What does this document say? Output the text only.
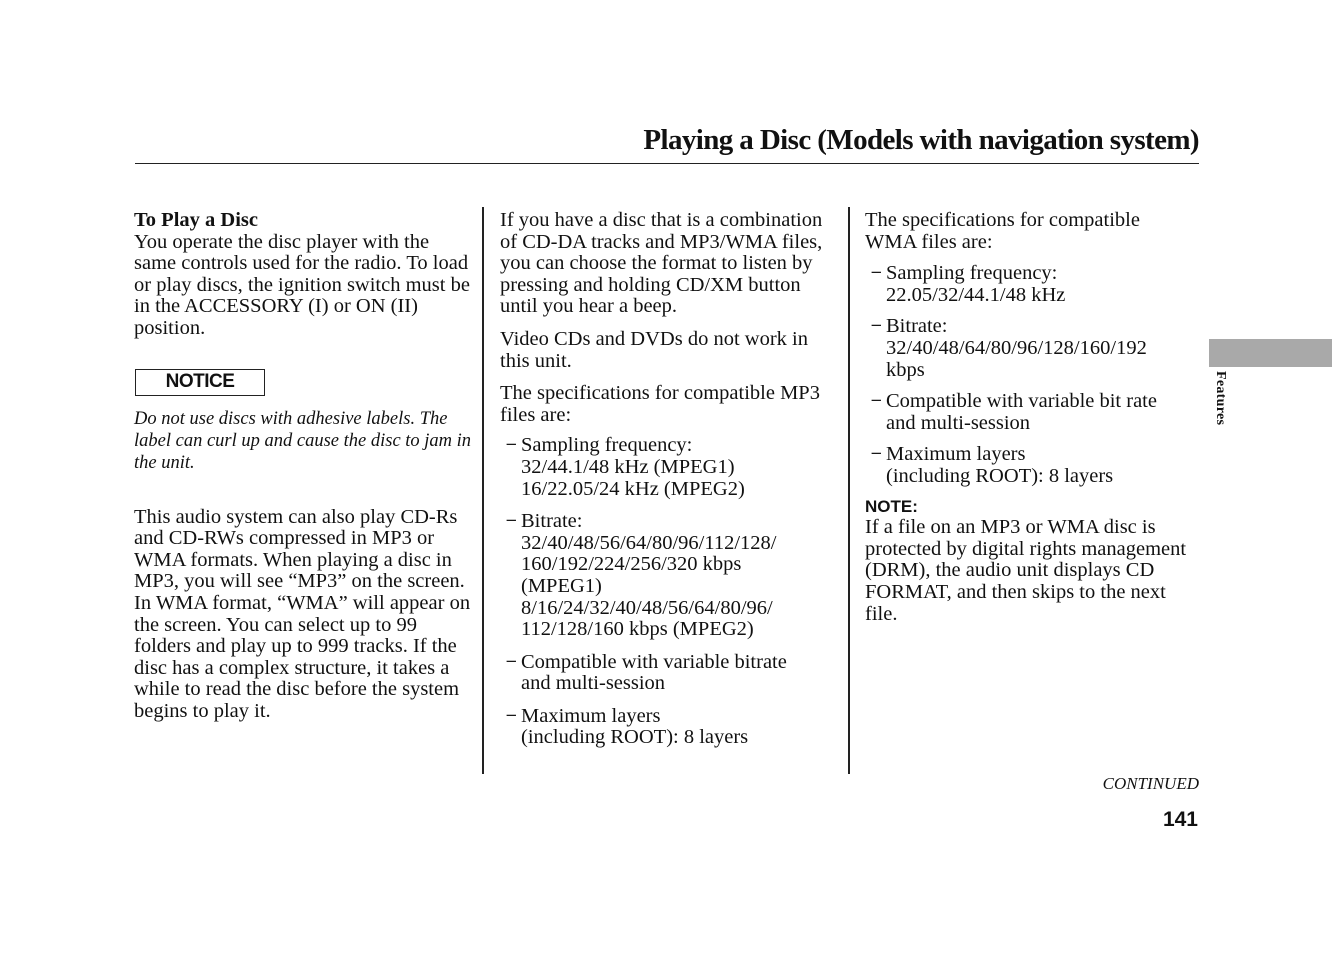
Playing a Disc (Models with navigation system)

To Play a Disc
You operate the disc player with the same controls used for the radio. To load or play discs, the ignition switch must be in the ACCESSORY (I) or ON (II) position.

NOTICE

Do not use discs with adhesive labels. The label can curl up and cause the disc to jam in the unit.

This audio system can also play CD-Rs and CD-RWs compressed in MP3 or WMA formats. When playing a disc in MP3, you will see “MP3” on the screen. In WMA format, “WMA” will appear on the screen. You can select up to 99 folders and play up to 999 tracks. If the disc has a complex structure, it takes a while to read the disc before the system begins to play it.

If you have a disc that is a combination of CD-DA tracks and MP3/WMA files, you can choose the format to listen by pressing and holding CD/XM button until you hear a beep.

Video CDs and DVDs do not work in this unit.

The specifications for compatible MP3 files are:

− Sampling frequency:
32/44.1/48 kHz (MPEG1)
16/22.05/24 kHz (MPEG2)
− Bitrate:
32/40/48/56/64/80/96/112/128/
160/192/224/256/320 kbps
(MPEG1)
8/16/24/32/40/48/56/64/80/96/
112/128/160 kbps (MPEG2)
− Compatible with variable bitrate
and multi-session
− Maximum layers
(including ROOT): 8 layers

The specifications for compatible WMA files are:

− Sampling frequency:
22.05/32/44.1/48 kHz
− Bitrate:
32/40/48/64/80/96/128/160/192
kbps
− Compatible with variable bit rate
and multi-session
− Maximum layers
(including ROOT): 8 layers
NOTE:

If a file on an MP3 or WMA disc is protected by digital rights management (DRM), the audio unit displays CD FORMAT, and then skips to the next file.

Features
CONTINUED
141
